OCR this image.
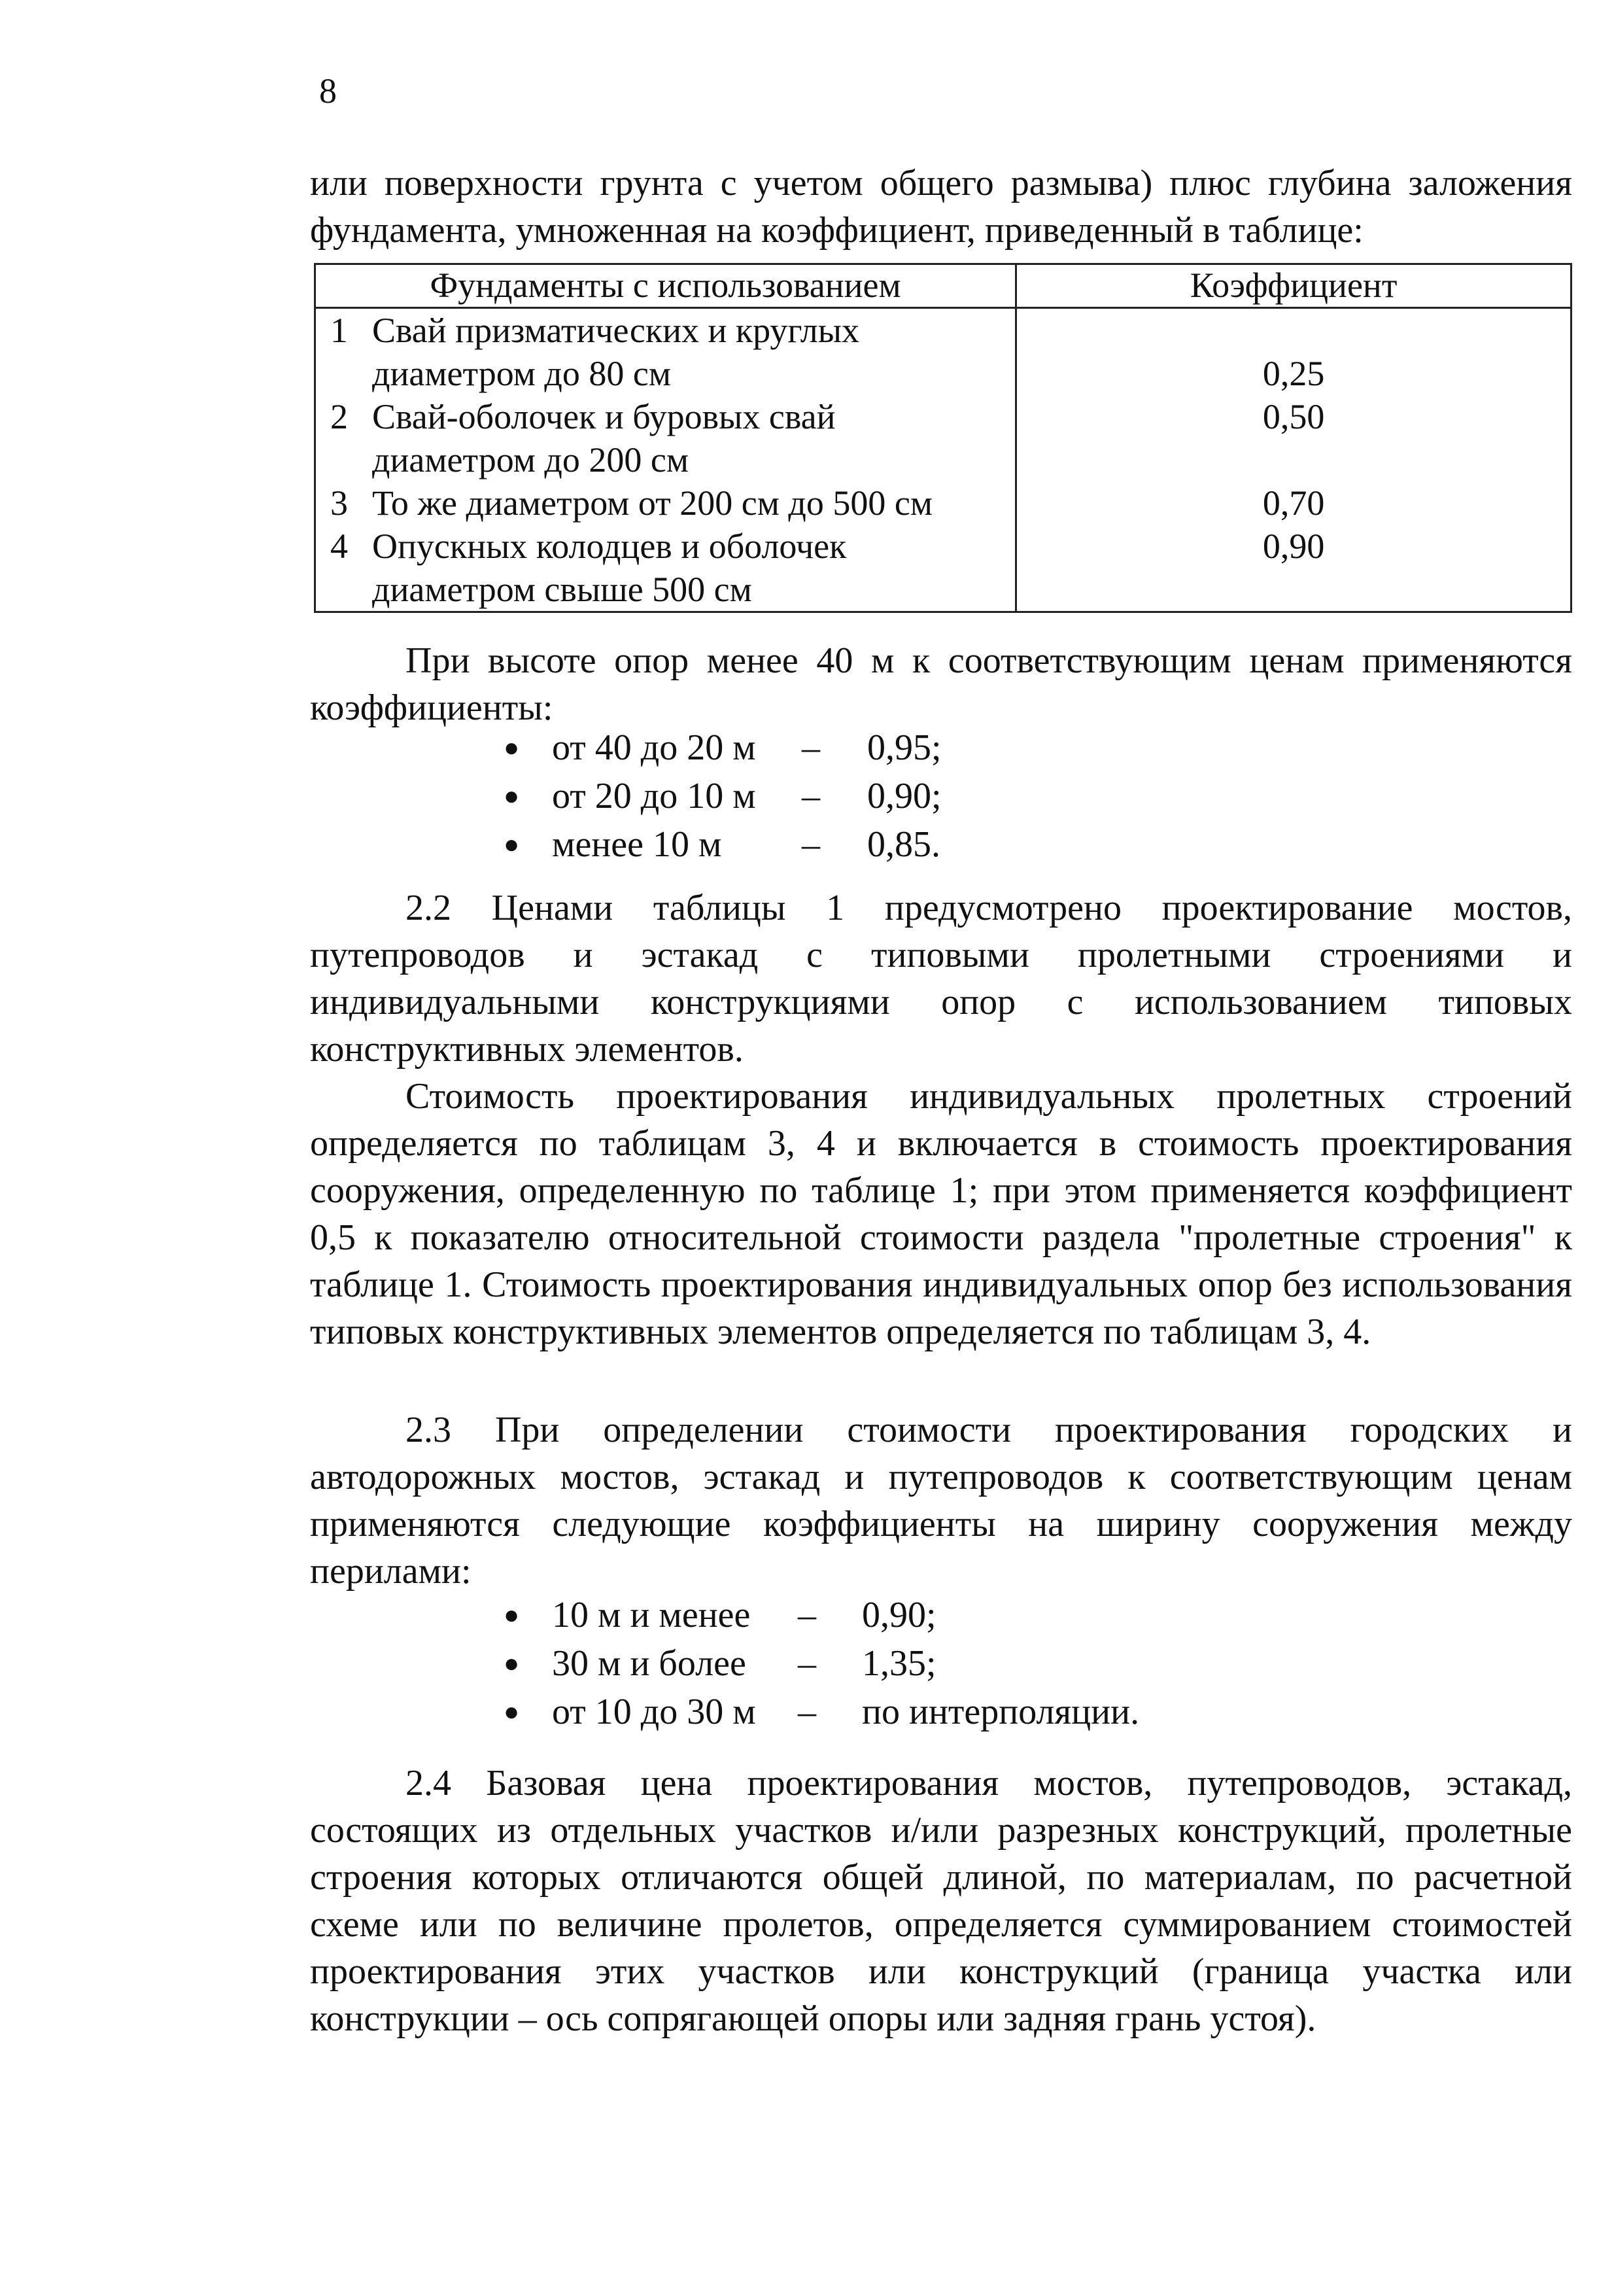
8

или поверхности грунта с учетом общего размыва) плюс глубина заложения фундамента, умноженная на коэффициент, приведенный в таблице:

Фундаменты с использованием	Коэффициент

1 Свай призматических и круглых
диаметром до 80 см	0,25

2 Свай-оболочек и буровых свай
диаметром до 200 см	0,50

3 То же диаметром от 200 см до 500 см	0,70

4 Опускных колодцев и оболочек
диаметром свыше 500 см	0,90

При высоте опор менее 40 м к соответствующим ценам применяются коэффициенты:

● от 40 до 20 м	–	0,95;
● от 20 до 10 м	–	0,90;
● менее 10 м	–	0,85.

2.2 Ценами таблицы 1 предусмотрено проектирование мостов, путепроводов и эстакад с типовыми пролетными строениями и индивидуальными конструкциями опор с использованием типовых конструктивных элементов.

Стоимость проектирования индивидуальных пролетных строений определяется по таблицам 3, 4 и включается в стоимость проектирования сооружения, определенную по таблице 1; при этом применяется коэффициент 0,5 к показателю относительной стоимости раздела "пролетные строения" к таблице 1. Стоимость проектирования индивидуальных опор без использования типовых конструктивных элементов определяется по таблицам 3, 4.

2.3 При определении стоимости проектирования городских и автодорожных мостов, эстакад и путепроводов к соответствующим ценам применяются следующие коэффициенты на ширину сооружения между перилами:

● 10 м и менее	–	0,90;
● 30 м и более	–	1,35;
● от 10 до 30 м	–	по интерполяции.

2.4 Базовая цена проектирования мостов, путепроводов, эстакад, состоящих из отдельных участков и/или разрезных конструкций, пролетные строения которых отличаются общей длиной, по материалам, по расчетной схеме или по величине пролетов, определяется суммированием стоимостей проектирования этих участков или конструкций (граница участка или конструкции – ось сопрягающей опоры или задняя грань устоя).
